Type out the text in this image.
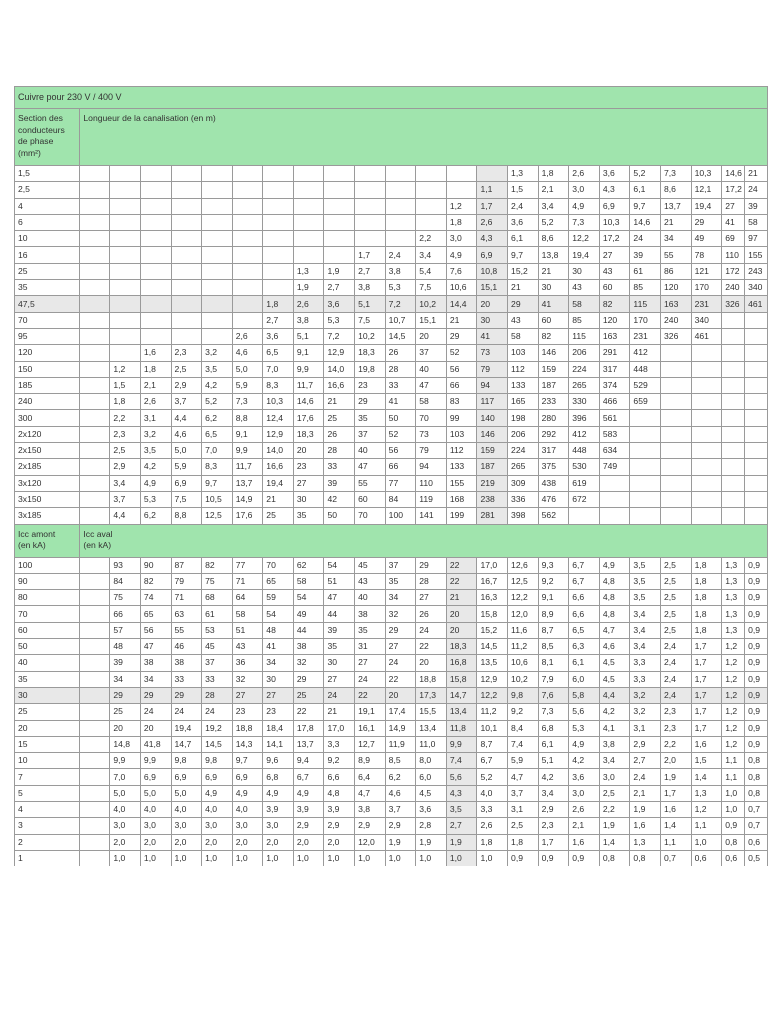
Cuivre pour 230 V / 400 V																							
Section des
conducteurs
de phase
(mm²)	Longueur de la canalisation (en m)																						
1,5															1,3	1,8	2,6	3,6	5,2	7,3	10,3	14,6	21
2,5														1,1	1,5	2,1	3,0	4,3	6,1	8,6	12,1	17,2	24
4													1,2	1,7	2,4	3,4	4,9	6,9	9,7	13,7	19,4	27	39
6													1,8	2,6	3,6	5,2	7,3	10,3	14,6	21	29	41	58
10												2,2	3,0	4,3	6,1	8,6	12,2	17,2	24	34	49	69	97
16										1,7	2,4	3,4	4,9	6,9	9,7	13,8	19,4	27	39	55	78	110	155
25								1,3	1,9	2,7	3,8	5,4	7,6	10,8	15,2	21	30	43	61	86	121	172	243
35								1,9	2,7	3,8	5,3	7,5	10,6	15,1	21	30	43	60	85	120	170	240	340
47,5							1,8	2,6	3,6	5,1	7,2	10,2	14,4	20	29	41	58	82	115	163	231	326	461
70							2,7	3,8	5,3	7,5	10,7	15,1	21	30	43	60	85	120	170	240	340		
95						2,6	3,6	5,1	7,2	10,2	14,5	20	29	41	58	82	115	163	231	326	461		
120			1,6	2,3	3,2	4,6	6,5	9,1	12,9	18,3	26	37	52	73	103	146	206	291	412				
150		1,2	1,8	2,5	3,5	5,0	7,0	9,9	14,0	19,8	28	40	56	79	112	159	224	317	448				
185		1,5	2,1	2,9	4,2	5,9	8,3	11,7	16,6	23	33	47	66	94	133	187	265	374	529				
240		1,8	2,6	3,7	5,2	7,3	10,3	14,6	21	29	41	58	83	117	165	233	330	466	659				
300		2,2	3,1	4,4	6,2	8,8	12,4	17,6	25	35	50	70	99	140	198	280	396	561					
2x120		2,3	3,2	4,6	6,5	9,1	12,9	18,3	26	37	52	73	103	146	206	292	412	583					
2x150		2,5	3,5	5,0	7,0	9,9	14,0	20	28	40	56	79	112	159	224	317	448	634					
2x185		2,9	4,2	5,9	8,3	11,7	16,6	23	33	47	66	94	133	187	265	375	530	749					
3x120		3,4	4,9	6,9	9,7	13,7	19,4	27	39	55	77	110	155	219	309	438	619						
3x150		3,7	5,3	7,5	10,5	14,9	21	30	42	60	84	119	168	238	336	476	672						
3x185		4,4	6,2	8,8	12,5	17,6	25	35	50	70	100	141	199	281	398	562							
Icc amont
(en kA)	Icc aval
(en kA)																						
100		93	90	87	82	77	70	62	54	45	37	29	22	17,0	12,6	9,3	6,7	4,9	3,5	2,5	1,8	1,3	0,9
90		84	82	79	75	71	65	58	51	43	35	28	22	16,7	12,5	9,2	6,7	4,8	3,5	2,5	1,8	1,3	0,9
80		75	74	71	68	64	59	54	47	40	34	27	21	16,3	12,2	9,1	6,6	4,8	3,5	2,5	1,8	1,3	0,9
70		66	65	63	61	58	54	49	44	38	32	26	20	15,8	12,0	8,9	6,6	4,8	3,4	2,5	1,8	1,3	0,9
60		57	56	55	53	51	48	44	39	35	29	24	20	15,2	11,6	8,7	6,5	4,7	3,4	2,5	1,8	1,3	0,9
50		48	47	46	45	43	41	38	35	31	27	22	18,3	14,5	11,2	8,5	6,3	4,6	3,4	2,4	1,7	1,2	0,9
40		39	38	38	37	36	34	32	30	27	24	20	16,8	13,5	10,6	8,1	6,1	4,5	3,3	2,4	1,7	1,2	0,9
35		34	34	33	33	32	30	29	27	24	22	18,8	15,8	12,9	10,2	7,9	6,0	4,5	3,3	2,4	1,7	1,2	0,9
30		29	29	29	28	27	27	25	24	22	20	17,3	14,7	12,2	9,8	7,6	5,8	4,4	3,2	2,4	1,7	1,2	0,9
25		25	24	24	24	23	23	22	21	19,1	17,4	15,5	13,4	11,2	9,2	7,3	5,6	4,2	3,2	2,3	1,7	1,2	0,9
20		20	20	19,4	19,2	18,8	18,4	17,8	17,0	16,1	14,9	13,4	11,8	10,1	8,4	6,8	5,3	4,1	3,1	2,3	1,7	1,2	0,9
15		14,8	41,8	14,7	14,5	14,3	14,1	13,7	3,3	12,7	11,9	11,0	9,9	8,7	7,4	6,1	4,9	3,8	2,9	2,2	1,6	1,2	0,9
10		9,9	9,9	9,8	9,8	9,7	9,6	9,4	9,2	8,9	8,5	8,0	7,4	6,7	5,9	5,1	4,2	3,4	2,7	2,0	1,5	1,1	0,8
7		7,0	6,9	6,9	6,9	6,9	6,8	6,7	6,6	6,4	6,2	6,0	5,6	5,2	4,7	4,2	3,6	3,0	2,4	1,9	1,4	1,1	0,8
5		5,0	5,0	5,0	4,9	4,9	4,9	4,9	4,8	4,7	4,6	4,5	4,3	4,0	3,7	3,4	3,0	2,5	2,1	1,7	1,3	1,0	0,8
4		4,0	4,0	4,0	4,0	4,0	3,9	3,9	3,9	3,8	3,7	3,6	3,5	3,3	3,1	2,9	2,6	2,2	1,9	1,6	1,2	1,0	0,7
3		3,0	3,0	3,0	3,0	3,0	3,0	2,9	2,9	2,9	2,9	2,8	2,7	2,6	2,5	2,3	2,1	1,9	1,6	1,4	1,1	0,9	0,7
2		2,0	2,0	2,0	2,0	2,0	2,0	2,0	2,0	12,0	1,9	1,9	1,9	1,8	1,8	1,7	1,6	1,4	1,3	1,1	1,0	0,8	0,6
1		1,0	1,0	1,0	1,0	1,0	1,0	1,0	1,0	1,0	1,0	1,0	1,0	1,0	0,9	0,9	0,9	0,8	0,8	0,7	0,6	0,6	0,5
